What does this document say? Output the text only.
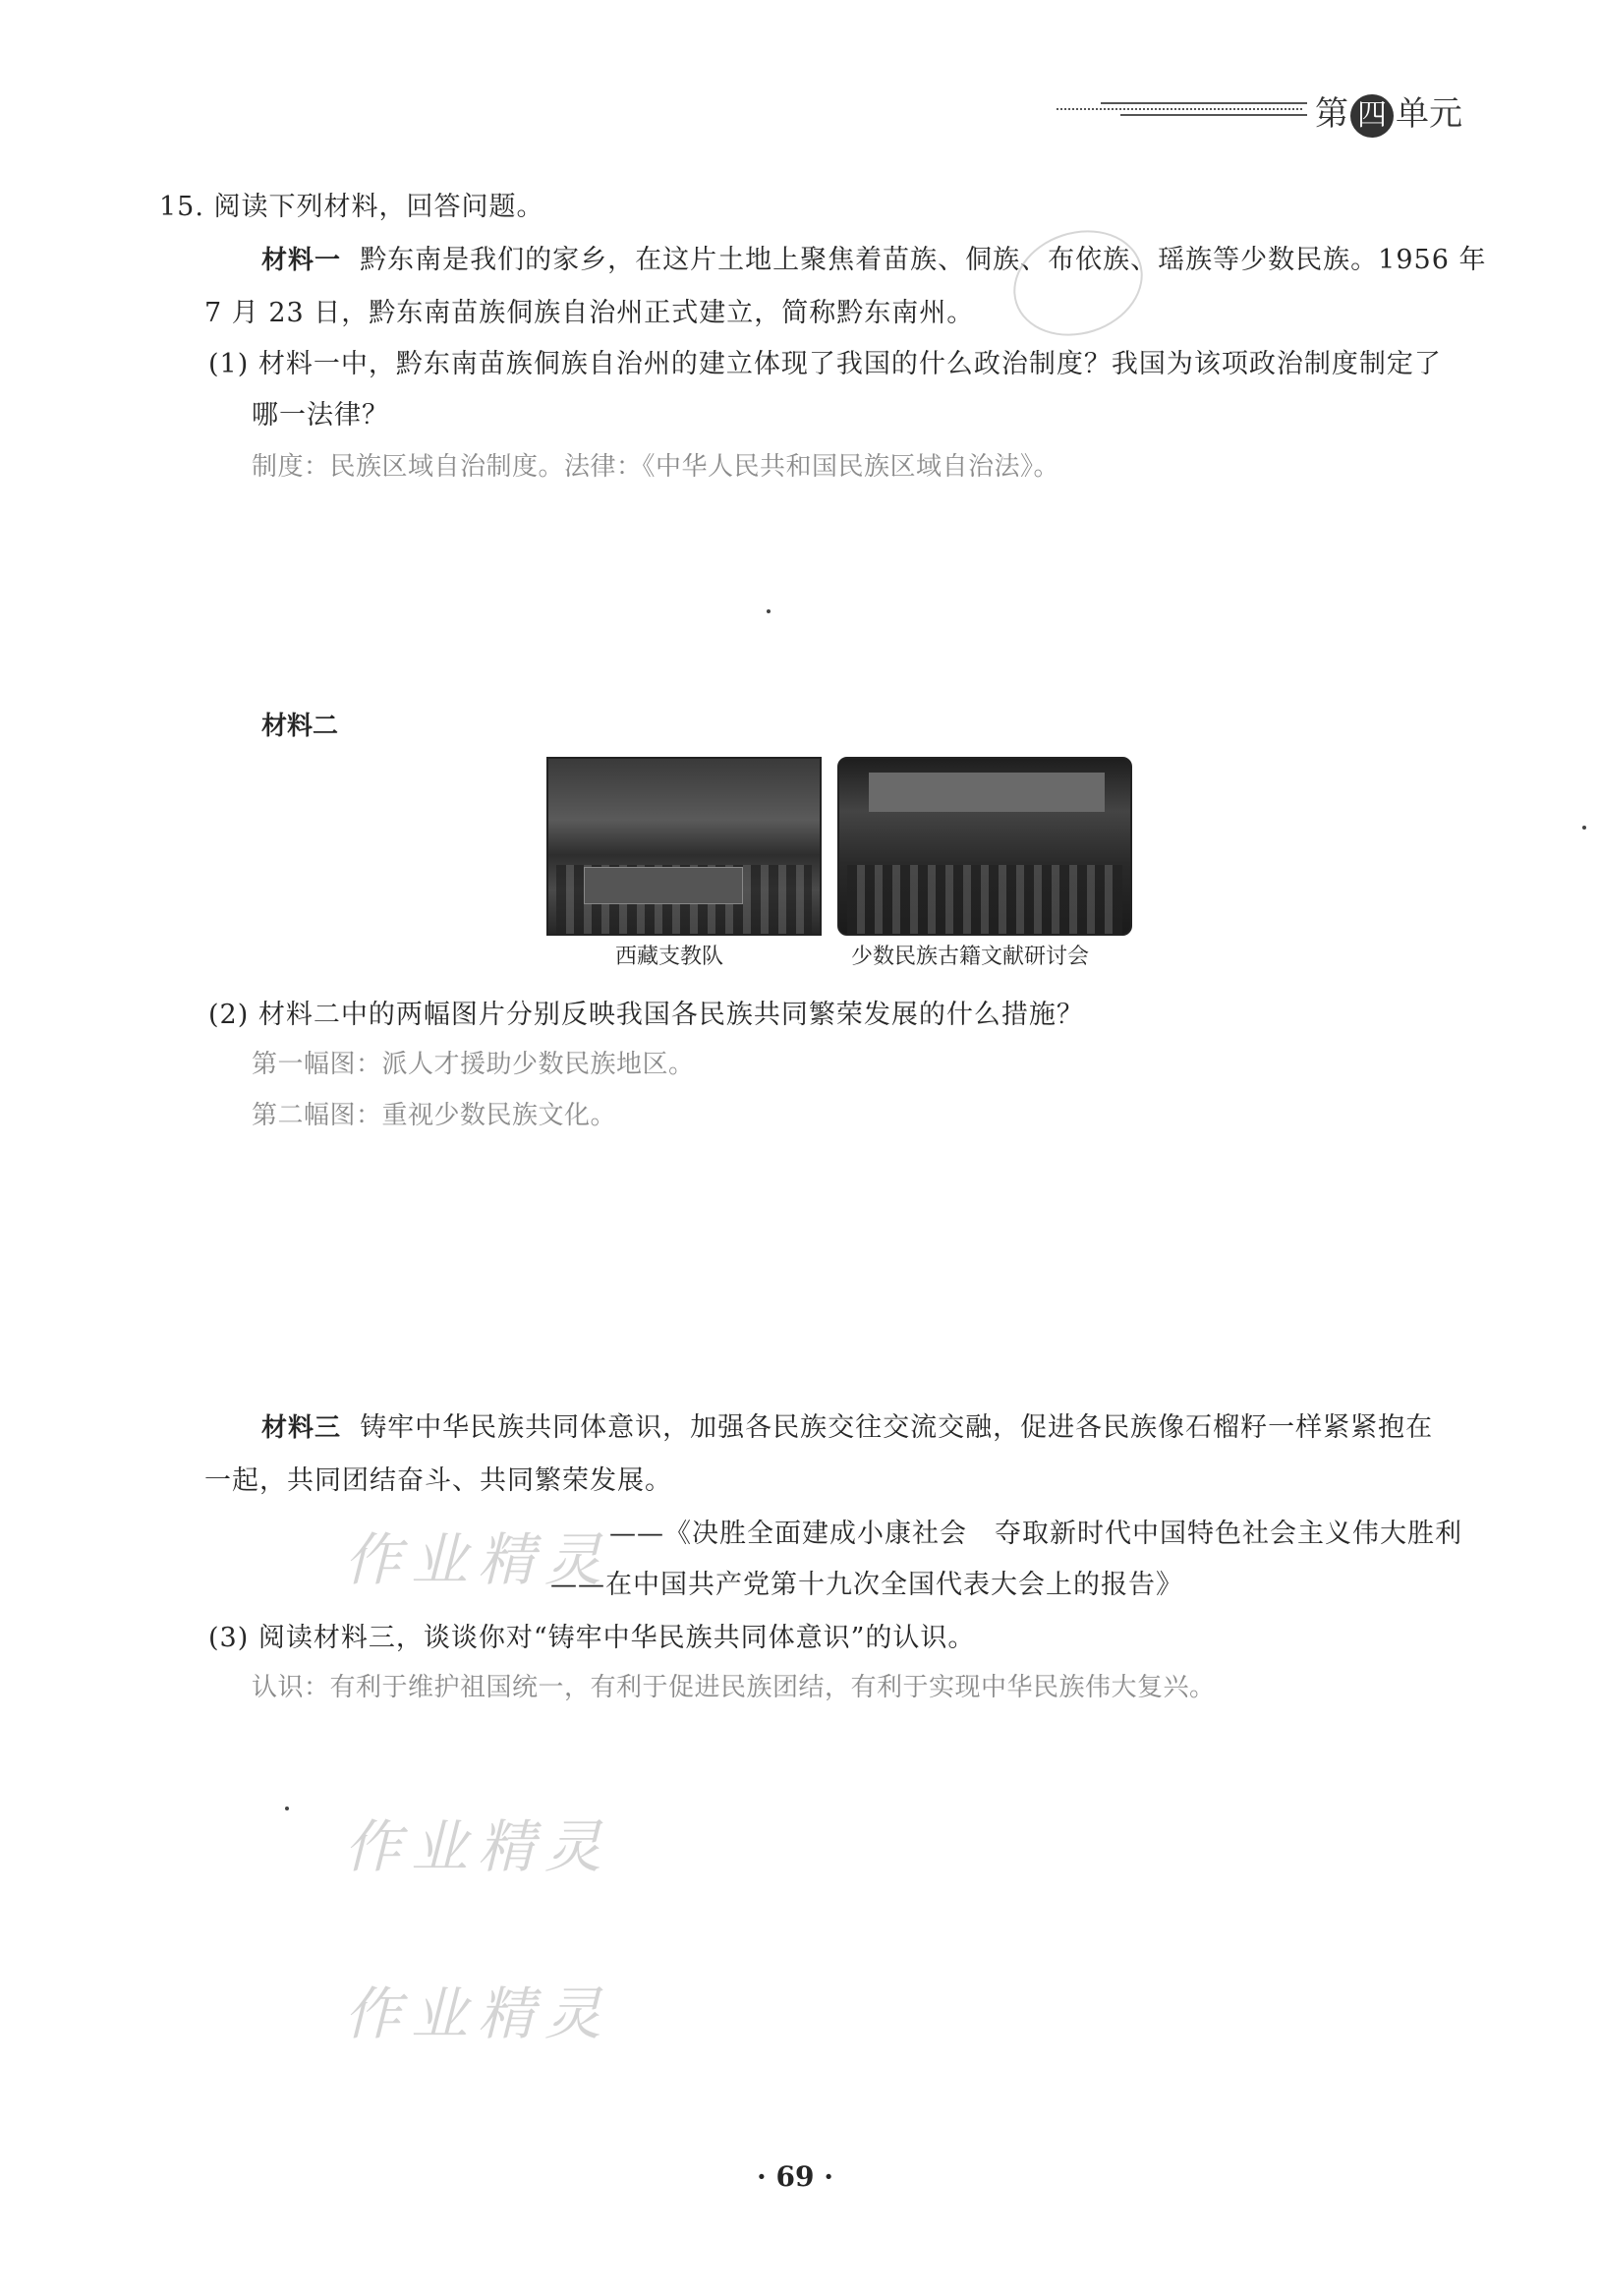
第 四 单元
15. 阅读下列材料，回答问题。
材料一 黔东南是我们的家乡，在这片土地上聚焦着苗族、侗族、布依族、瑶族等少数民族。1956 年
7 月 23 日，黔东南苗族侗族自治州正式建立，简称黔东南州。
(1) 材料一中，黔东南苗族侗族自治州的建立体现了我国的什么政治制度？我国为该项政治制度制定了
哪一法律？
制度：民族区域自治制度。法律：《中华人民共和国民族区域自治法》。
材料二
西藏支教队	少数民族古籍文献研讨会
(2) 材料二中的两幅图片分别反映我国各民族共同繁荣发展的什么措施？
第一幅图：派人才援助少数民族地区。
第二幅图：重视少数民族文化。
材料三 铸牢中华民族共同体意识，加强各民族交往交流交融，促进各民族像石榴籽一样紧紧抱在
一起，共同团结奋斗、共同繁荣发展。
——《决胜全面建成小康社会　夺取新时代中国特色社会主义伟大胜利
——在中国共产党第十九次全国代表大会上的报告》
(3) 阅读材料三，谈谈你对“铸牢中华民族共同体意识”的认识。
认识：有利于维护祖国统一，有利于促进民族团结，有利于实现中华民族伟大复兴。
作业精灵
作业精灵
作业精灵
· 69 ·
